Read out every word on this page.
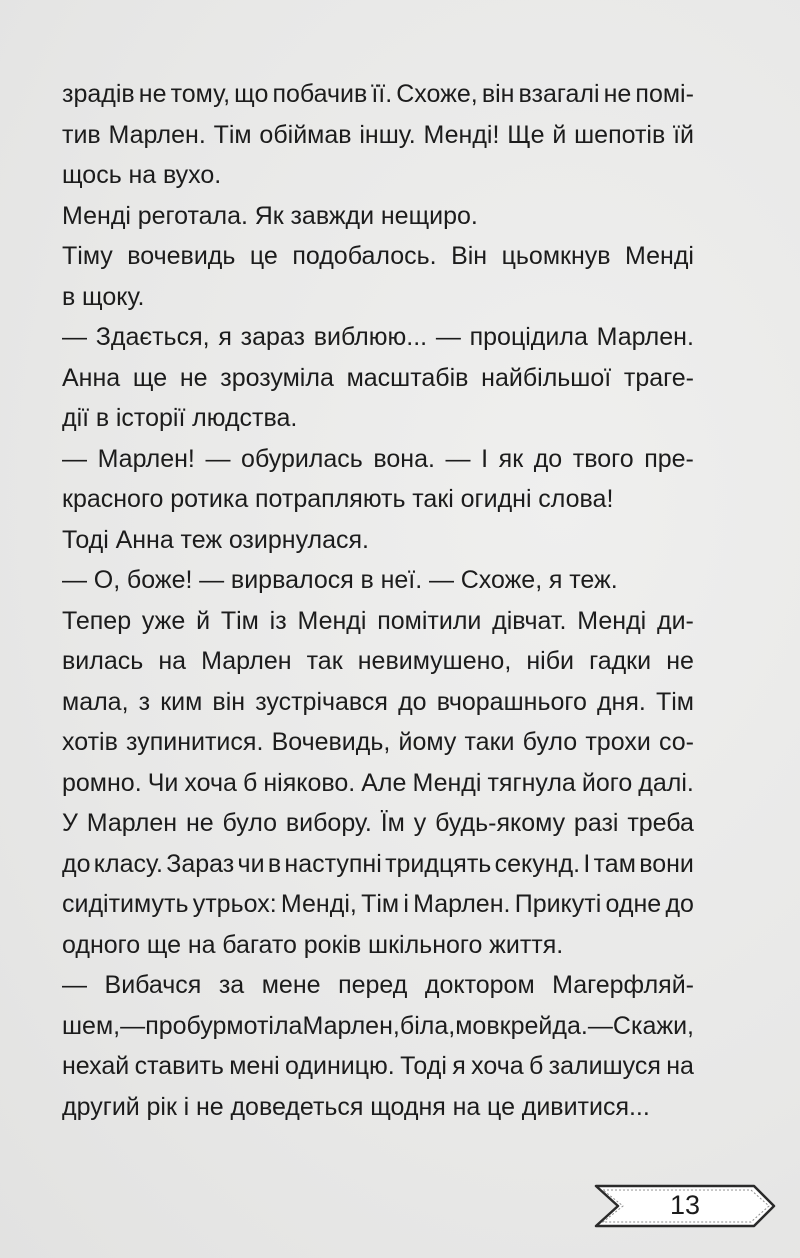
зрадів не тому, що побачив її. Схоже, він взагалі не помі-
тив Марлен. Тім обіймав іншу. Менді! Ще й шепотів їй
щось на вухо.
Менді реготала. Як завжди нещиро.
Тіму вочевидь це подобалось. Він цьомкнув Менді
в щоку.
— Здається, я зараз виблюю... — процідила Марлен.
Анна ще не зрозуміла масштабів найбільшої траге-
дії в історії людства.
— Марлен! — обурилась вона. — І як до твого пре-
красного ротика потрапляють такі огидні слова!
Тоді Анна теж озирнулася.
— О, боже! — вирвалося в неї. — Схоже, я теж.
Тепер уже й Тім із Менді помітили дівчат. Менді ди-
вилась на Марлен так невимушено, ніби гадки не
мала, з ким він зустрічався до вчорашнього дня. Тім
хотів зупинитися. Вочевидь, йому таки було трохи со-
ромно. Чи хоча б ніяково. Але Менді тягнула його далі.
У Марлен не було вибору. Їм у будь-якому разі треба
до класу. Зараз чи в наступні тридцять секунд. І там вони
сидітимуть утрьох: Менді, Тім і Марлен. Прикуті одне до
одного ще на багато років шкільного життя.
— Вибачся за мене перед доктором Магерфляй-
шем, — пробурмотіла Марлен, біла, мов крейда. — Скажи,
нехай ставить мені одиницю. Тоді я хоча б залишуся на
другий рік і не доведеться щодня на це дивитися...
13
